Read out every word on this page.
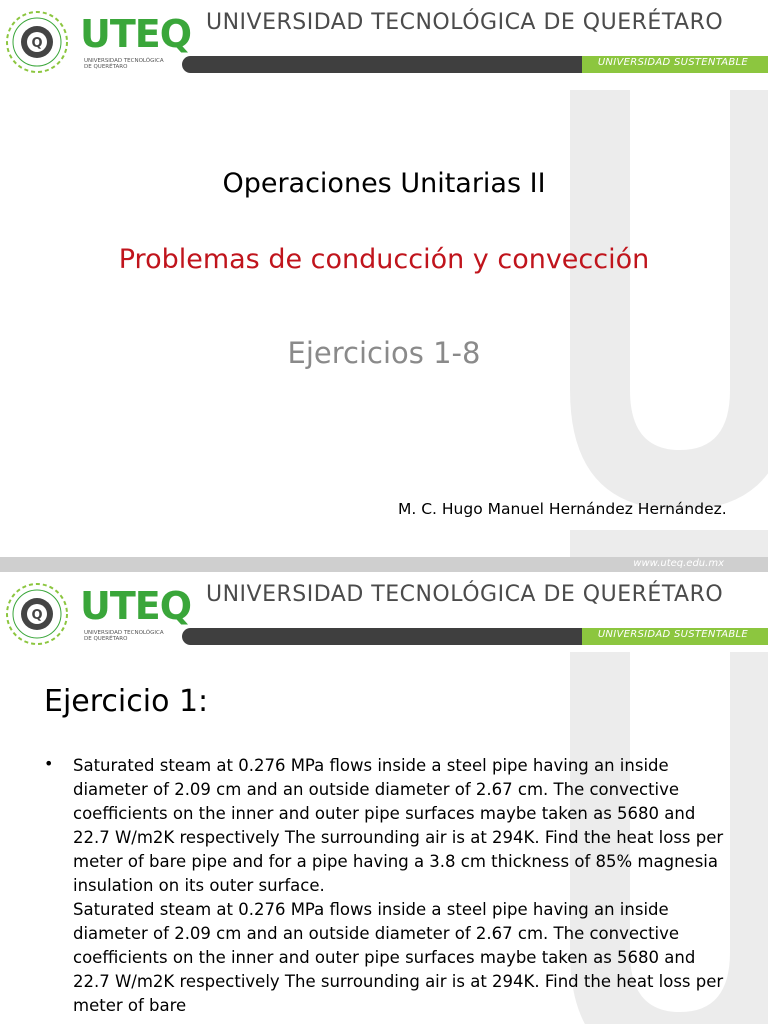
Q UTEQ
UNIVERSIDAD TECNOLÓGICA DE QUERÉTARO
UNIVERSIDAD TECNOLÓGICA DE QUERÉTARO
UNIVERSIDAD SUSTENTABLE
Operaciones Unitarias II
Problemas de conducción y convección
Ejercicios 1-8
M. C. Hugo Manuel Hernández Hernández.
www.uteq.edu.mx
Q UTEQ
UNIVERSIDAD TECNOLÓGICA DE QUERÉTARO
UNIVERSIDAD TECNOLÓGICA DE QUERÉTARO
UNIVERSIDAD SUSTENTABLE
Ejercicio 1:
• Saturated steam at 0.276 MPa flows inside a steel pipe having an inside diameter of 2.09 cm and an outside diameter of 2.67 cm. The convective coefficients on the inner and outer pipe surfaces maybe taken as 5680 and 22.7 W/m2K respectively The surrounding air is at 294K. Find the heat loss per meter of bare pipe and for a pipe having a 3.8 cm thickness of 85% magnesia insulation on its outer surface.
Saturated steam at 0.276 MPa flows inside a steel pipe having an inside diameter of 2.09 cm and an outside diameter of 2.67 cm. The convective coefficients on the inner and outer pipe surfaces maybe taken as 5680 and 22.7 W/m2K respectively The surrounding air is at 294K. Find the heat loss per meter of bare
